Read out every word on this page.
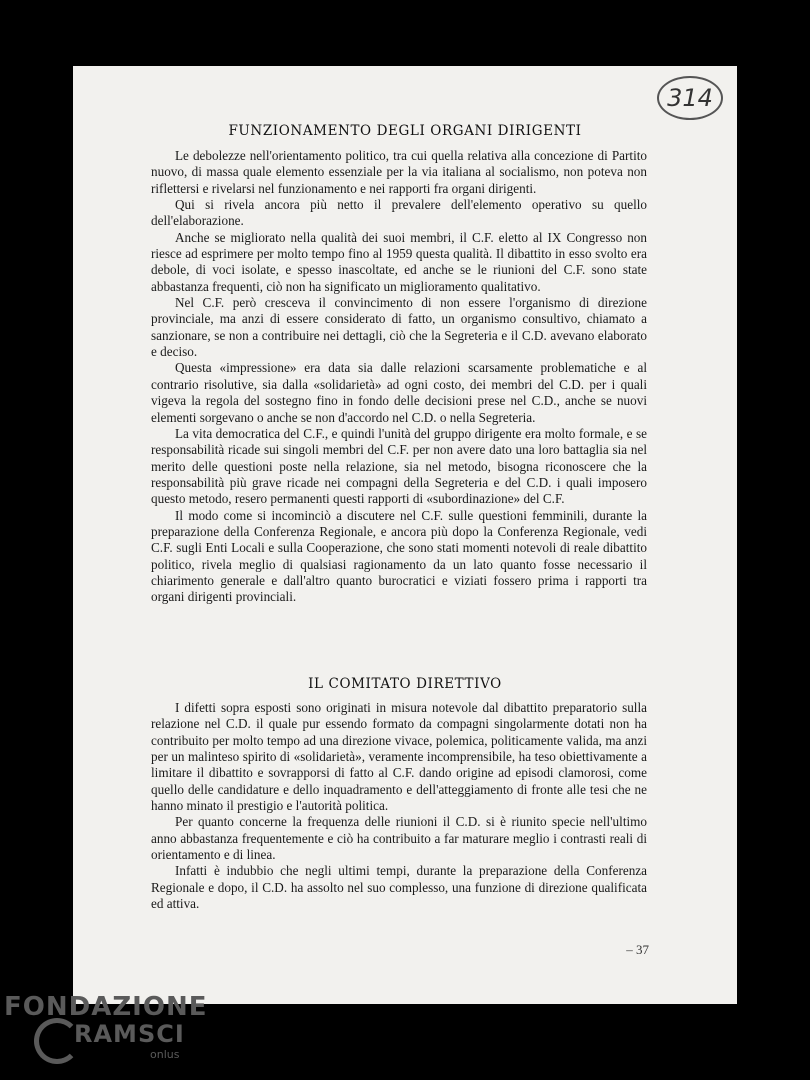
314
FUNZIONAMENTO DEGLI ORGANI DIRIGENTI

Le debolezze nell'orientamento politico, tra cui quella relativa alla concezione di Partito nuovo, di massa quale elemento essenziale per la via italiana al socialismo, non poteva non riflettersi e rivelarsi nel funzionamento e nei rapporti fra organi dirigenti.

Qui si rivela ancora più netto il prevalere dell'elemento operativo su quello dell'elaborazione.

Anche se migliorato nella qualità dei suoi membri, il C.F. eletto al IX Congresso non riesce ad esprimere per molto tempo fino al 1959 questa qualità. Il dibattito in esso svolto era debole, di voci isolate, e spesso inascoltate, ed anche se le riunioni del C.F. sono state abbastanza frequenti, ciò non ha significato un miglioramento qualitativo.

Nel C.F. però cresceva il convincimento di non essere l'organismo di direzione provinciale, ma anzi di essere considerato di fatto, un organismo consultivo, chiamato a sanzionare, se non a contribuire nei dettagli, ciò che la Segreteria e il C.D. avevano elaborato e deciso.

Questa «impressione» era data sia dalle relazioni scarsamente problematiche e al contrario risolutive, sia dalla «solidarietà» ad ogni costo, dei membri del C.D. per i quali vigeva la regola del sostegno fino in fondo delle decisioni prese nel C.D., anche se nuovi elementi sorgevano o anche se non d'accordo nel C.D. o nella Segreteria.

La vita democratica del C.F., e quindi l'unità del gruppo dirigente era molto formale, e se responsabilità ricade sui singoli membri del C.F. per non avere dato una loro battaglia sia nel merito delle questioni poste nella relazione, sia nel metodo, bisogna riconoscere che la responsabilità più grave ricade nei compagni della Segreteria e del C.D. i quali imposero questo metodo, resero permanenti questi rapporti di «subordinazione» del C.F.

Il modo come si incominciò a discutere nel C.F. sulle questioni femminili, durante la preparazione della Conferenza Regionale, e ancora più dopo la Conferenza Regionale, vedi C.F. sugli Enti Locali e sulla Cooperazione, che sono stati momenti notevoli di reale dibattito politico, rivela meglio di qualsiasi ragionamento da un lato quanto fosse necessario il chiarimento generale e dall'altro quanto burocratici e viziati fossero prima i rapporti tra organi dirigenti provinciali.

IL COMITATO DIRETTIVO

I difetti sopra esposti sono originati in misura notevole dal dibattito preparatorio sulla relazione nel C.D. il quale pur essendo formato da compagni singolarmente dotati non ha contribuito per molto tempo ad una direzione vivace, polemica, politicamente valida, ma anzi per un malinteso spirito di «solidarietà», veramente incomprensibile, ha teso obiettivamente a limitare il dibattito e sovrapporsi di fatto al C.F. dando origine ad episodi clamorosi, come quello delle candidature e dello inquadramento e dell'atteggiamento di fronte alle tesi che ne hanno minato il prestigio e l'autorità politica.

Per quanto concerne la frequenza delle riunioni il C.D. si è riunito specie nell'ultimo anno abbastanza frequentemente e ciò ha contribuito a far maturare meglio i contrasti reali di orientamento e di linea.

Infatti è indubbio che negli ultimi tempi, durante la preparazione della Conferenza Regionale e dopo, il C.D. ha assolto nel suo complesso, una funzione di direzione qualificata ed attiva.

– 37
FONDAZIONE
RAMSCI
onlus
